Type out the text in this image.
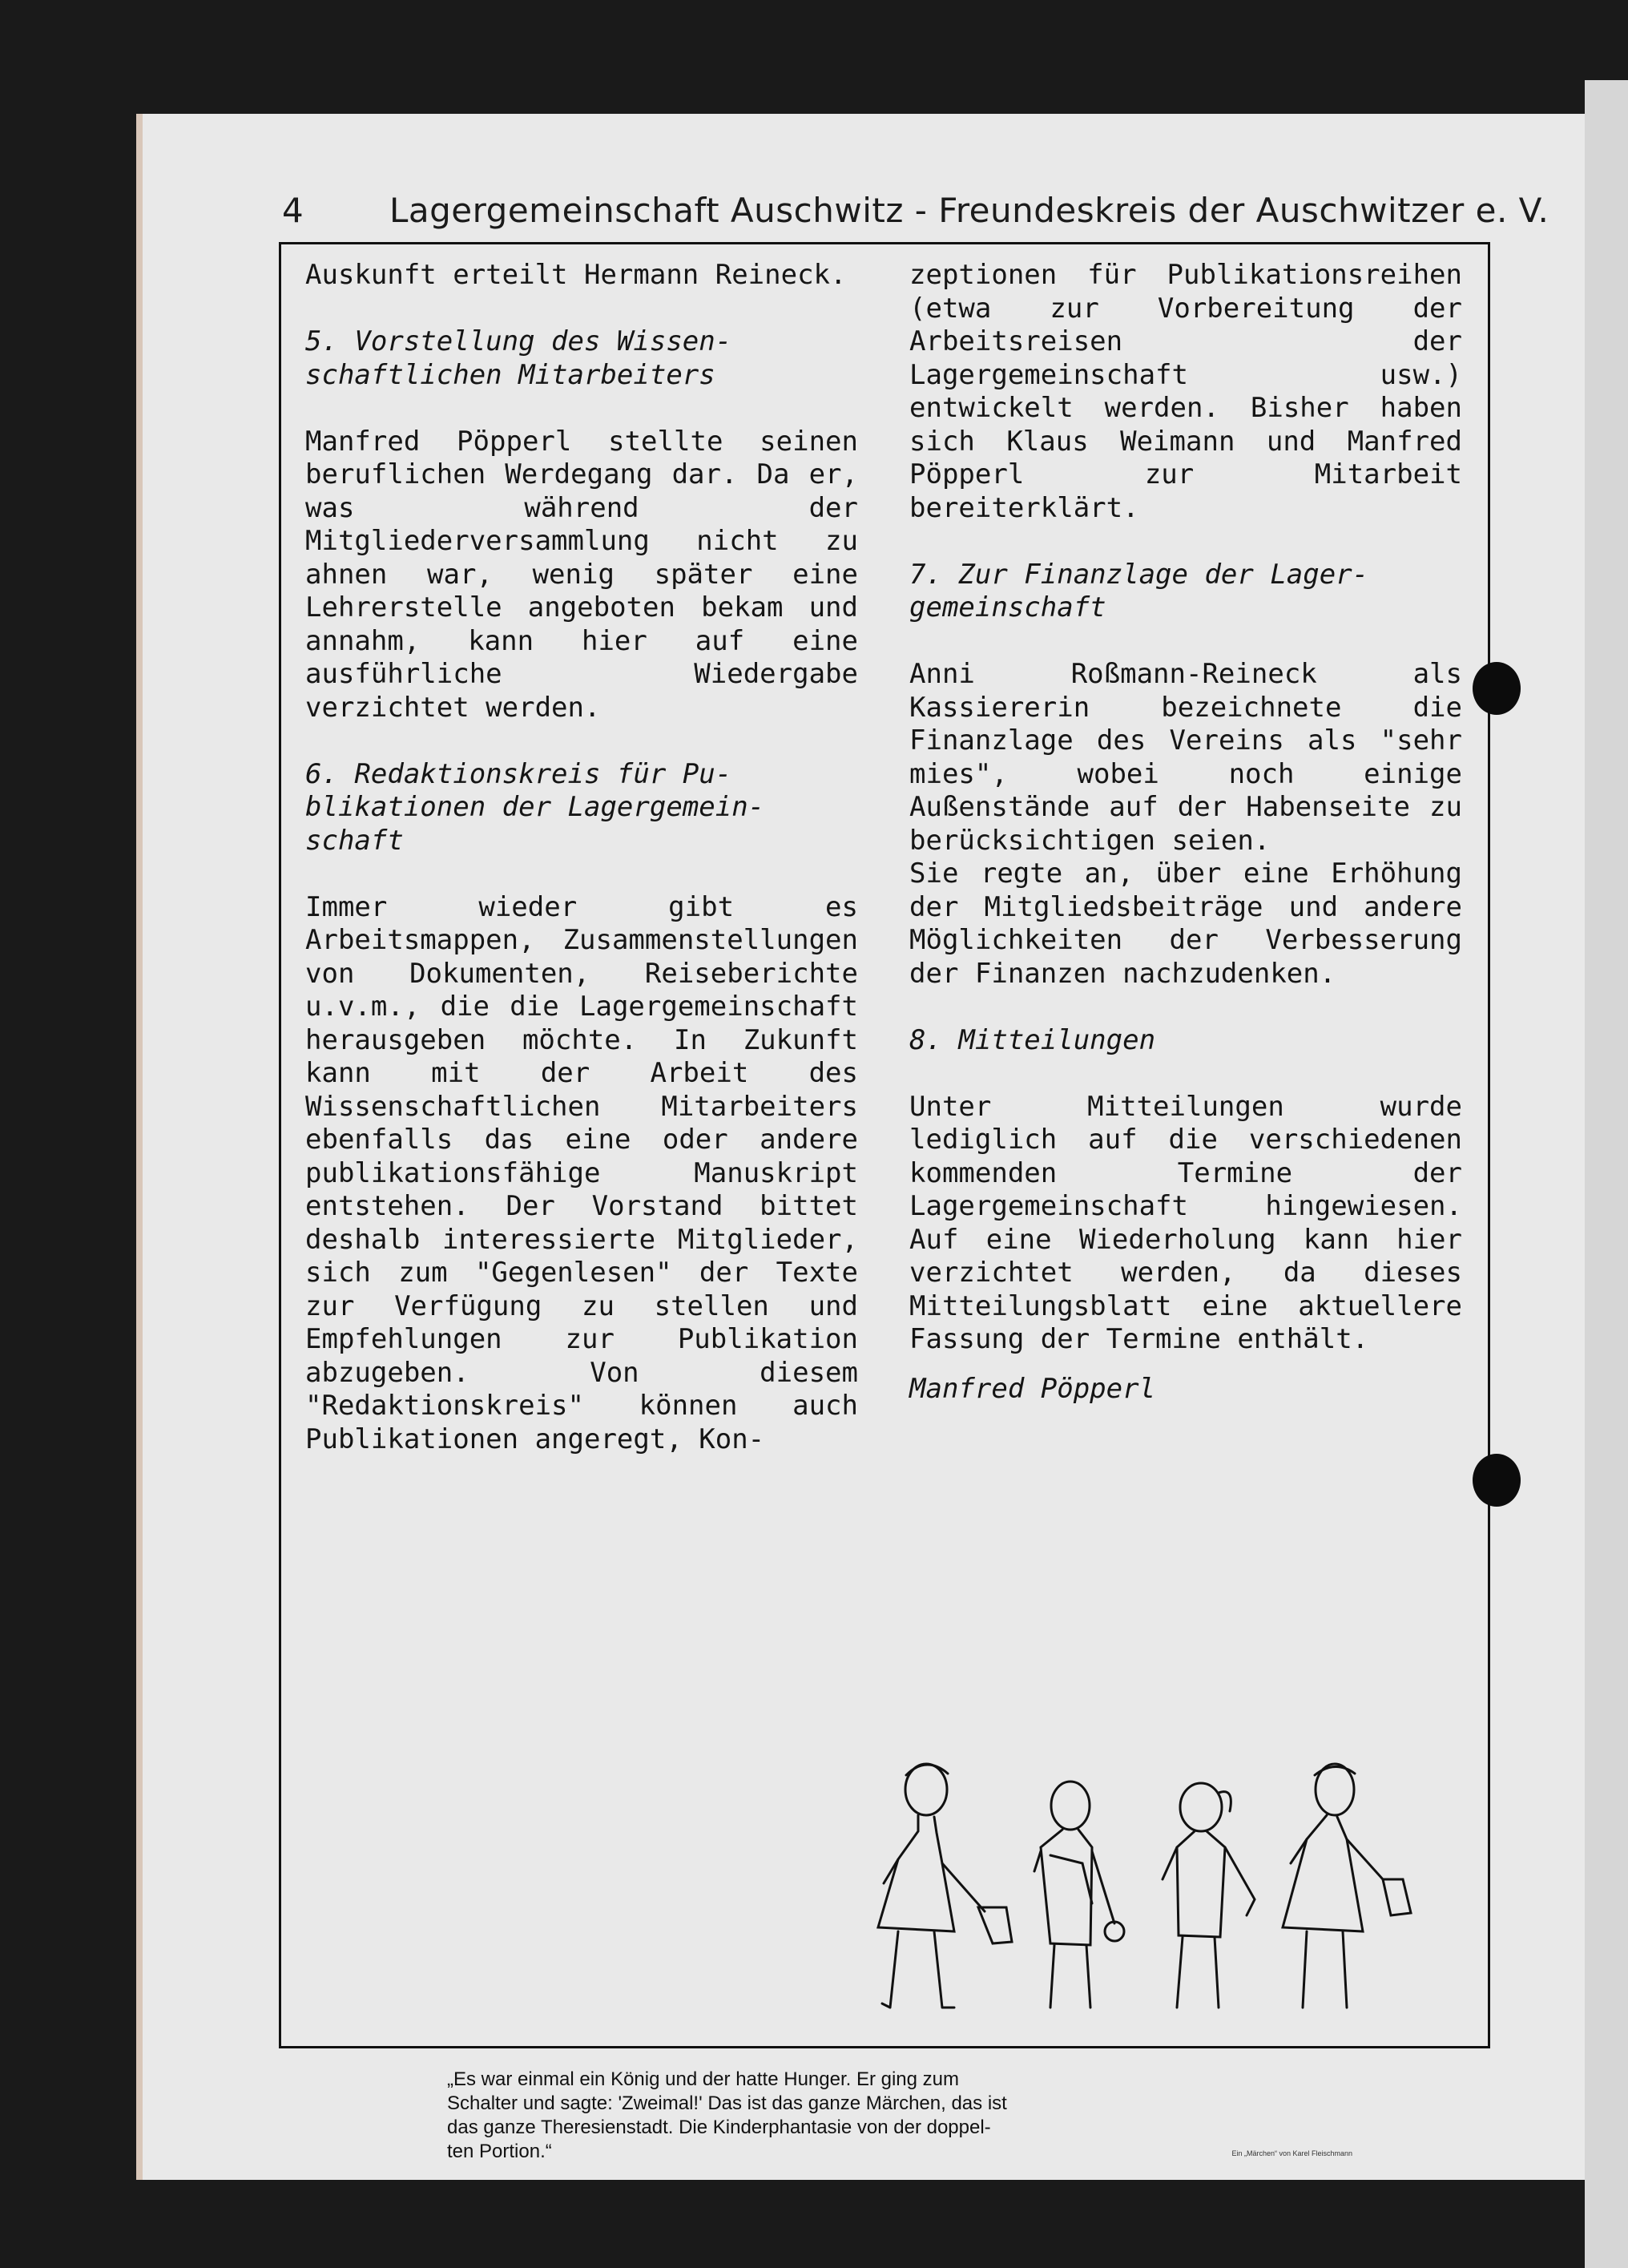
4	Lagergemeinschaft Auschwitz - Freundeskreis der Auschwitzer e. V.

Auskunft erteilt Hermann Reineck.

5. Vorstellung des Wissen-
schaftlichen Mitarbeiters

Manfred Pöpperl stellte seinen beruflichen Werdegang dar. Da er, was während der Mitgliederversammlung nicht zu ahnen war, wenig später eine Lehrerstelle angeboten bekam und annahm, kann hier auf eine ausführliche Wiedergabe verzichtet werden.

6. Redaktionskreis für Pu-
blikationen der Lagergemein-
schaft

Immer wieder gibt es Arbeitsmappen, Zusammenstellungen von Dokumenten, Reiseberichte u.v.m., die die Lagergemeinschaft herausgeben möchte. In Zukunft kann mit der Arbeit des Wissenschaftlichen Mitarbeiters ebenfalls das eine oder andere publikationsfähige Manuskript entstehen. Der Vorstand bittet deshalb interessierte Mitglieder, sich zum "Gegenlesen" der Texte zur Verfügung zu stellen und Empfehlungen zur Publikation abzugeben. Von diesem "Redaktionskreis" können auch Publikationen angeregt, Kon-

zeptionen für Publikationsreihen (etwa zur Vorbereitung der Arbeitsreisen der Lagergemeinschaft usw.) entwickelt werden. Bisher haben sich Klaus Weimann und Manfred Pöpperl zur Mitarbeit bereiterklärt.

7. Zur Finanzlage der Lager-
gemeinschaft

Anni Roßmann-Reineck als Kassiererin bezeichnete die Finanzlage des Vereins als "sehr mies", wobei noch einige Außenstände auf der Habenseite zu berücksichtigen seien.

Sie regte an, über eine Erhöhung der Mitgliedsbeiträge und andere Möglichkeiten der Verbesserung der Finanzen nachzudenken.

8. Mitteilungen

Unter Mitteilungen wurde lediglich auf die verschiedenen kommenden Termine der Lagergemeinschaft hingewiesen. Auf eine Wiederholung kann hier verzichtet werden, da dieses Mitteilungsblatt eine aktuellere Fassung der Termine enthält.

Manfred Pöpperl

„Es war einmal ein König und der hatte Hunger. Er ging zum
Schalter und sagte: 'Zweimal!' Das ist das ganze Märchen, das ist
das ganze Theresienstadt. Die Kinderphantasie von der doppel-
ten Portion.“	Ein „Märchen“ von Karel Fleischmann
